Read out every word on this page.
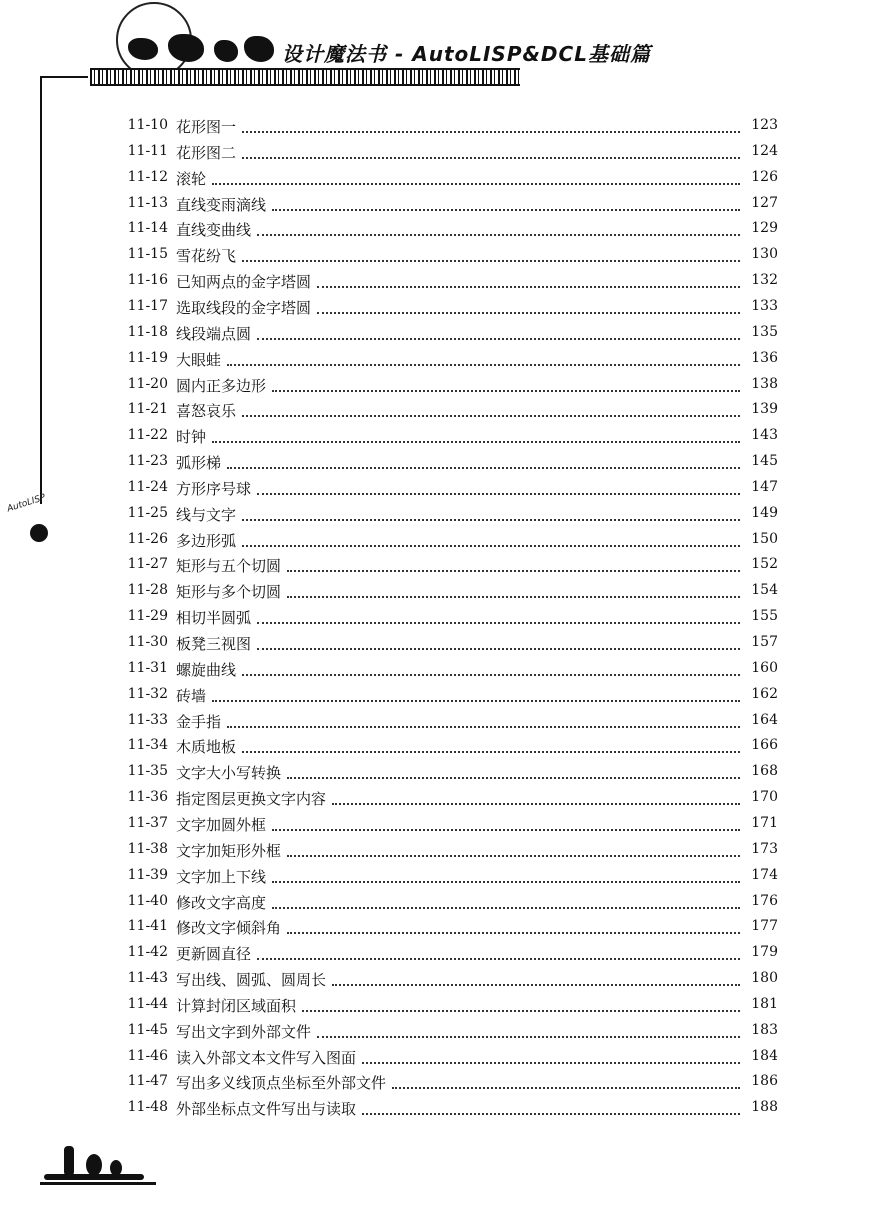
设计魔法书 - AutoLISP&DCL基础篇
AutoLISP
11-10 花形图一	123
11-11 花形图二	124
11-12 滚轮	126
11-13 直线变雨滴线	127
11-14 直线变曲线	129
11-15 雪花纷飞	130
11-16 已知两点的金字塔圆	132
11-17 选取线段的金字塔圆	133
11-18 线段端点圆	135
11-19 大眼蛙	136
11-20 圆内正多边形	138
11-21 喜怒哀乐	139
11-22 时钟	143
11-23 弧形梯	145
11-24 方形序号球	147
11-25 线与文字	149
11-26 多边形弧	150
11-27 矩形与五个切圆	152
11-28 矩形与多个切圆	154
11-29 相切半圆弧	155
11-30 板凳三视图	157
11-31 螺旋曲线	160
11-32 砖墙	162
11-33 金手指	164
11-34 木质地板	166
11-35 文字大小写转换	168
11-36 指定图层更换文字内容	170
11-37 文字加圆外框	171
11-38 文字加矩形外框	173
11-39 文字加上下线	174
11-40 修改文字高度	176
11-41 修改文字倾斜角	177
11-42 更新圆直径	179
11-43 写出线、圆弧、圆周长	180
11-44 计算封闭区域面积	181
11-45 写出文字到外部文件	183
11-46 读入外部文本文件写入图面	184
11-47 写出多义线顶点坐标至外部文件	186
11-48 外部坐标点文件写出与读取	188
